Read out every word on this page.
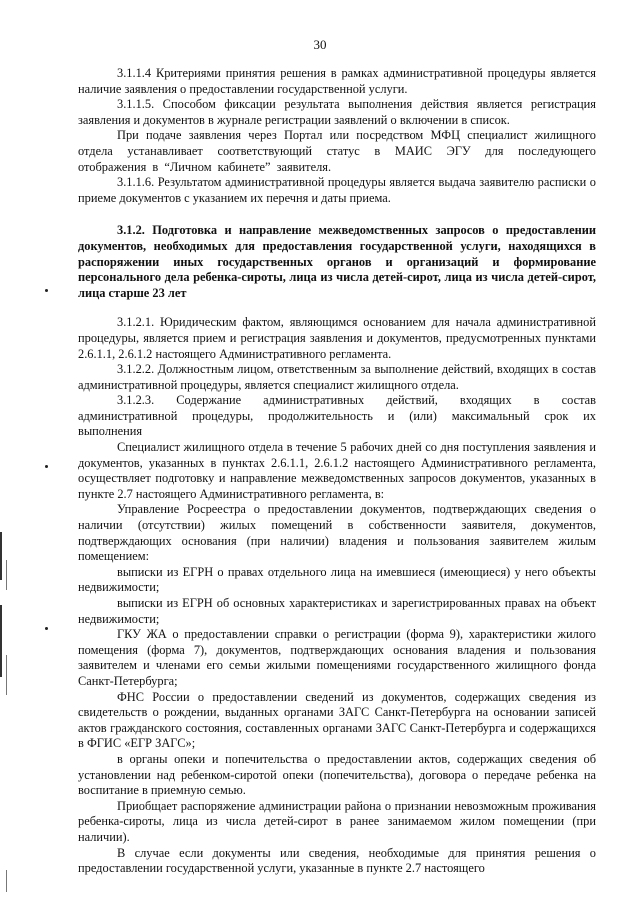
30

3.1.1.4 Критериями принятия решения в рамках административной процедуры является наличие заявления о предоставлении государственной услуги.

3.1.1.5. Способом фиксации результата выполнения действия является регистрация заявления и документов в журнале регистрации заявлений о включении в список.

При подаче заявления через Портал или посредством МФЦ специалист жилищного отдела устанавливает соответствующий статус в МАИС ЭГУ для последующего отображения в “Личном кабинете” заявителя.

3.1.1.6. Результатом административной процедуры является выдача заявителю расписки о приеме документов с указанием их перечня и даты приема.

3.1.2. Подготовка и направление межведомственных запросов о предоставлении документов, необходимых для предоставления государственной услуги, находящихся в распоряжении иных государственных органов и организаций и формирование персонального дела ребенка-сироты, лица из числа детей-сирот, лица из числа детей-сирот, лица старше 23 лет

3.1.2.1. Юридическим фактом, являющимся основанием для начала административной процедуры, является прием и регистрация заявления и документов, предусмотренных пунктами 2.6.1.1, 2.6.1.2 настоящего Административного регламента.

3.1.2.2. Должностным лицом, ответственным за выполнение действий, входящих в состав административной процедуры, является специалист жилищного отдела.

3.1.2.3. Содержание административных действий, входящих в состав административной процедуры, продолжительность и (или) максимальный срок их выполнения

Специалист жилищного отдела в течение 5 рабочих дней со дня поступления заявления и документов, указанных в пунктах 2.6.1.1, 2.6.1.2 настоящего Административного регламента, осуществляет подготовку и направление межведомственных запросов документов, указанных в пункте 2.7 настоящего Административного регламента, в:

Управление Росреестра о предоставлении документов, подтверждающих сведения о наличии (отсутствии) жилых помещений в собственности заявителя, документов, подтверждающих основания (при наличии) владения и пользования заявителем жилым помещением:

выписки из ЕГРН о правах отдельного лица на имевшиеся (имеющиеся) у него объекты недвижимости;

выписки из ЕГРН об основных характеристиках и зарегистрированных правах на объект недвижимости;

ГКУ ЖА о предоставлении справки о регистрации (форма 9), характеристики жилого помещения (форма 7), документов, подтверждающих основания владения и пользования заявителем и членами его семьи жилыми помещениями государственного жилищного фонда Санкт-Петербурга;

ФНС России о предоставлении сведений из документов, содержащих сведения из свидетельств о рождении, выданных органами ЗАГС Санкт-Петербурга на основании записей актов гражданского состояния, составленных органами ЗАГС Санкт-Петербурга и содержащихся в ФГИС «ЕГР ЗАГС»;

в органы опеки и попечительства о предоставлении актов, содержащих сведения об установлении над ребенком-сиротой опеки (попечительства), договора о передаче ребенка на воспитание в приемную семью.

Приобщает распоряжение администрации района о признании невозможным проживания ребенка-сироты, лица из числа детей-сирот в ранее занимаемом жилом помещении (при наличии).

В случае если документы или сведения, необходимые для принятия решения о предоставлении государственной услуги, указанные в пункте 2.7 настоящего
